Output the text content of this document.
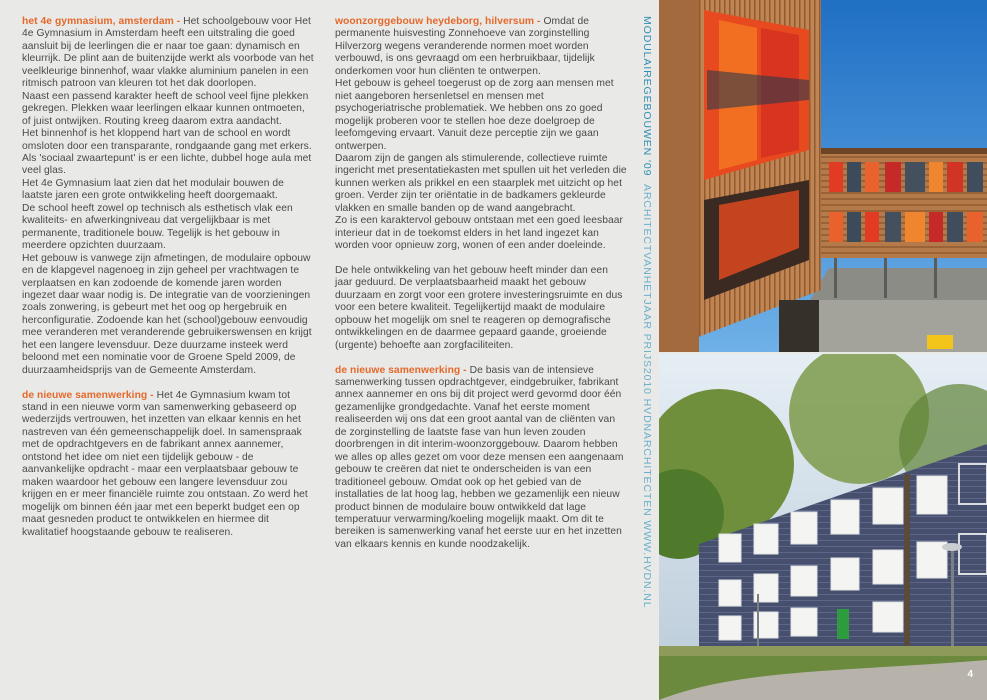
het 4e gymnasium, amsterdam - Het schoolgebouw voor Het 4e Gymnasium in Amsterdam heeft een uitstraling die goed aansluit bij de leerlingen die er naar toe gaan: dynamisch en kleurrijk. De plint aan de buitenzijde werkt als voorbode van het veelkleurige binnenhof, waar vlakke aluminium panelen in een ritmisch patroon van kleuren tot het dak doorlopen.
Naast een passend karakter heeft de school veel fijne plekken gekregen. Plekken waar leerlingen elkaar kunnen ontmoeten, of juist ontwijken. Routing kreeg daarom extra aandacht.
Het binnenhof is het kloppend hart van de school en wordt omsloten door een transparante, rondgaande gang met erkers. Als 'sociaal zwaartepunt' is er een lichte, dubbel hoge aula met veel glas.
Het 4e Gymnasium laat zien dat het modulair bouwen de laatste jaren een grote ontwikkeling heeft doorgemaakt.
De school heeft zowel op technisch als esthetisch vlak een kwaliteits- en afwerkingniveau dat vergelijkbaar is met permanente, traditionele bouw. Tegelijk is het gebouw in meerdere opzichten duurzaam.
Het gebouw is vanwege zijn afmetingen, de modulaire opbouw en de klapgevel nagenoeg in zijn geheel per vrachtwagen te verplaatsen en kan zodoende de komende jaren worden ingezet daar waar nodig is. De integratie van de voorzieningen zoals zonwering, is gebeurt met het oog op hergebruik en herconfiguratie. Zodoende kan het (school)gebouw eenvoudig mee veranderen met veranderende gebruikerswensen en krijgt het een langere levensduur. Deze duurzame insteek werd beloond met een nominatie voor de Groene Speld 2009, de duurzaamheidsprijs van de Gemeente Amsterdam.

de nieuwe samenwerking - Het 4e Gymnasium kwam tot stand in een nieuwe vorm van samenwerking gebaseerd op wederzijds vertrouwen, het inzetten van elkaar kennis en het nastreven van één gemeenschappelijk doel. In samenspraak met de opdrachtgevers en de fabrikant annex aannemer, ontstond het idee om niet een tijdelijk gebouw - de aanvankelijke opdracht - maar een verplaatsbaar gebouw te maken waardoor het gebouw een langere levensduur zou krijgen en er meer financiële ruimte zou ontstaan. Zo werd het mogelijk om binnen één jaar met een beperkt budget een op maat gesneden product te ontwikkelen en hiermee dit kwalitatief hoogstaande gebouw te realiseren.

woonzorggebouw heydeborg, hilversum - Omdat de permanente huisvesting Zonnehoeve van zorginstelling Hilverzorg wegens veranderende normen moet worden verbouwd, is ons gevraagd om een herbruikbaar, tijdelijk onderkomen voor hun cliënten te ontwerpen.
Het gebouw is geheel toegerust op de zorg aan mensen met niet aangeboren hersenletsel en mensen met psychogeriatrische problematiek. We hebben ons zo goed mogelijk proberen voor te stellen hoe deze doelgroep de leefomgeving ervaart. Vanuit deze perceptie zijn we gaan ontwerpen.
Daarom zijn de gangen als stimulerende, collectieve ruimte ingericht met presentatiekasten met spullen uit het verleden die kunnen werken als prikkel en een staarplek met uitzicht op het groen. Verder zijn ter oriëntatie in de badkamers gekleurde vlakken en smalle banden op de wand aangebracht.
Zo is een karaktervol gebouw ontstaan met een goed leesbaar interieur dat in de toekomst elders in het land ingezet kan worden voor opnieuw zorg, wonen of een ander doeleinde.

De hele ontwikkeling van het gebouw heeft minder dan een jaar geduurd. De verplaatsbaarheid maakt het gebouw duurzaam en zorgt voor een grotere investeringsruimte en dus voor een betere kwaliteit. Tegelijkertijd maakt de modulaire opbouw het mogelijk om snel te reageren op demografische ontwikkelingen en de daarmee gepaard gaande, groeiende (urgente) behoefte aan zorgfaciliteiten.

de nieuwe samenwerking - De basis van de intensieve samenwerking tussen opdrachtgever, eindgebruiker, fabrikant annex aannemer en ons bij dit project werd gevormd door één gezamenlijke grondgedachte. Vanaf het eerste moment realiseerden wij ons dat een groot aantal van de cliënten van de zorginstelling de laatste fase van hun leven zouden doorbrengen in dit interim-woonzorggebouw. Daarom hebben we alles op alles gezet om voor deze mensen een aangenaam gebouw te creëren dat niet te onderscheiden is van een traditioneel gebouw. Omdat ook op het gebied van de installaties de lat hoog lag, hebben we gezamenlijk een nieuw product binnen de modulaire bouw ontwikkeld dat lage temperatuur verwarming/koeling mogelijk maakt. Om dit te bereiken is samenwerking vanaf het eerste uur en het inzetten van elkaars kennis en kunde noodzakelijk.

MODULAIREGEBOUWEN '09  ARCHITECTVANHETJAAR PRIJS2010 HVDNARCHITECTEN WWW.HVDN.NL
4
